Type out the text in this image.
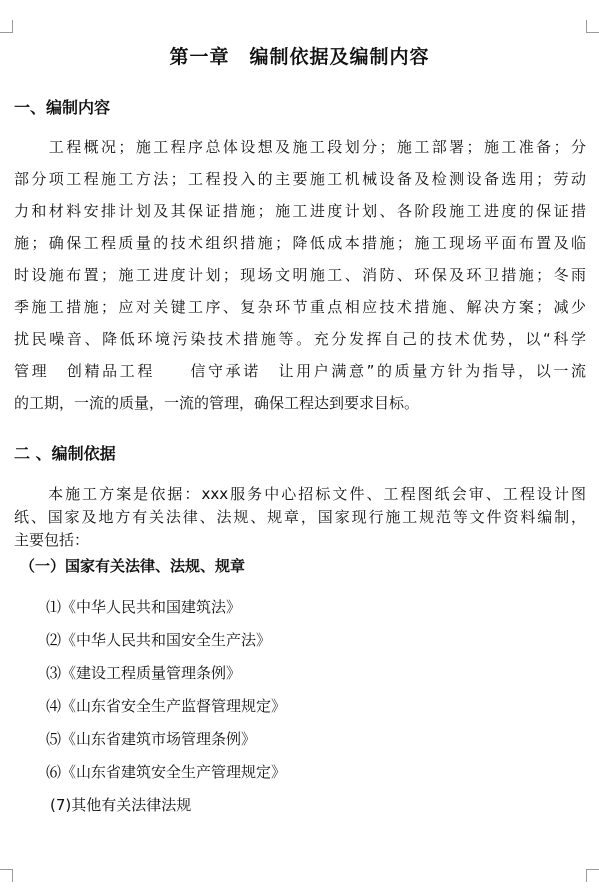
第一章　编制依据及编制内容
一、编制内容
　　工程概况；施工程序总体设想及施工段划分；施工部署；施工准备；分
部分项工程施工方法；工程投入的主要施工机械设备及检测设备选用；劳动
力和材料安排计划及其保证措施；施工进度计划、各阶段施工进度的保证措
施；确保工程质量的技术组织措施；降低成本措施；施工现场平面布置及临
时设施布置；施工进度计划；现场文明施工、消防、环保及环卫措施；冬雨
季施工措施；应对关键工序、复杂环节重点相应技术措施、解决方案；减少
扰民噪音、降低环境污染技术措施等。充分发挥自己的技术优势，以“科学
管理　创精品工程　　信守承诺　让用户满意”的质量方针为指导，以一流
的工期，一流的质量，一流的管理，确保工程达到要求目标。
二 、编制依据
　　本施工方案是依据：xxx服务中心招标文件、工程图纸会审、工程设计图
纸、国家及地方有关法律、法规、规章，国家现行施工规范等文件资料编制，
主要包括：
（一）国家有关法律、法规、规章
⑴《中华人民共和国建筑法》
⑵《中华人民共和国安全生产法》
⑶《建设工程质量管理条例》
⑷《山东省安全生产监督管理规定》
⑸《山东省建筑市场管理条例》
⑹《山东省建筑安全生产管理规定》
(7)其他有关法律法规
